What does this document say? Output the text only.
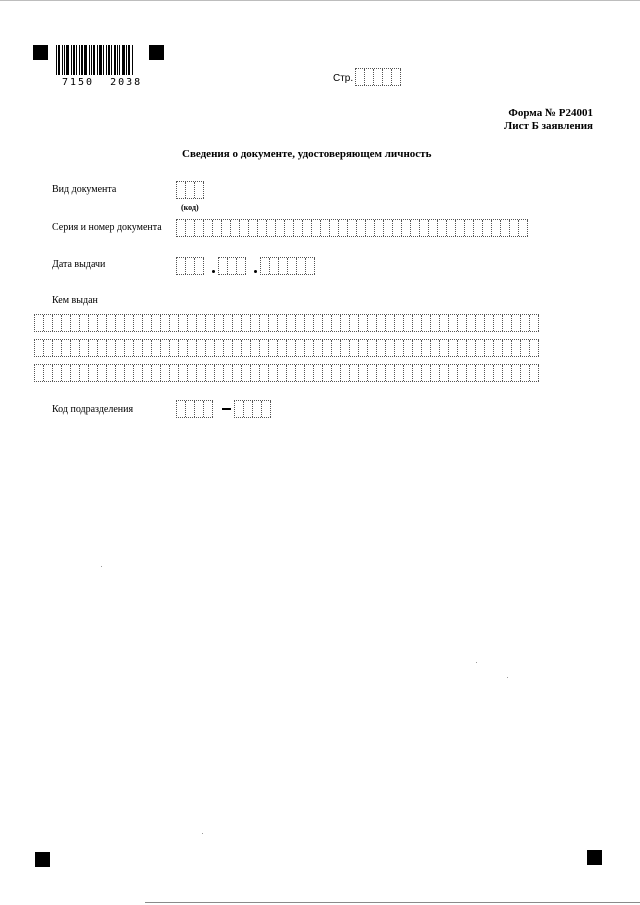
7150  2038	Стр.
Форма № Р24001
Лист Б заявления
Сведения о документе, удостоверяющем личность
Вид документа
(код)
Серия и номер документа
Дата выдачи
Кем выдан
Код подразделения
